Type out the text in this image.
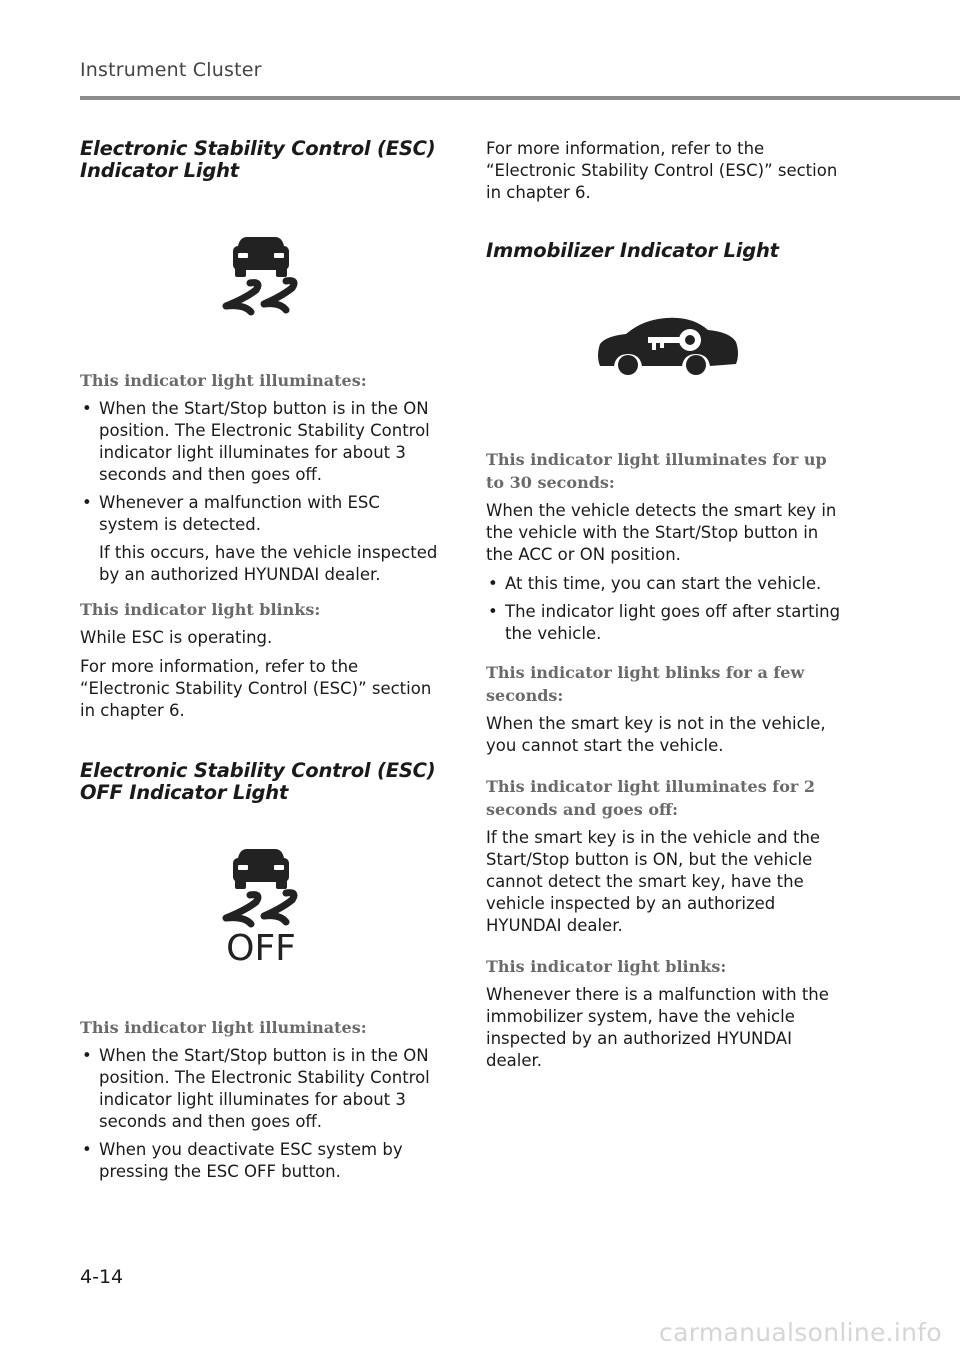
Instrument Cluster
Electronic Stability Control (ESC)
Indicator Light
This indicator light illuminates:
• When the Start/Stop button is in the ON position. The Electronic Stability Control indicator light illuminates for about 3 seconds and then goes off.
• Whenever a malfunction with ESC system is detected.
If this occurs, have the vehicle inspected by an authorized HYUNDAI dealer.
This indicator light blinks:

While ESC is operating.

For more information, refer to the “Electronic Stability Control (ESC)” section in chapter 6.

Electronic Stability Control (ESC)
OFF Indicator Light
OFF
This indicator light illuminates:
• When the Start/Stop button is in the ON position. The Electronic Stability Control indicator light illuminates for about 3 seconds and then goes off.
• When you deactivate ESC system by pressing the ESC OFF button.

For more information, refer to the “Electronic Stability Control (ESC)” section in chapter 6.

Immobilizer Indicator Light
This indicator light illuminates for up to 30 seconds:

When the vehicle detects the smart key in the vehicle with the Start/Stop button in the ACC or ON position.

• At this time, you can start the vehicle.
• The indicator light goes off after starting the vehicle.
This indicator light blinks for a few seconds:

When the smart key is not in the vehicle, you cannot start the vehicle.

This indicator light illuminates for 2 seconds and goes off:

If the smart key is in the vehicle and the Start/Stop button is ON, but the vehicle cannot detect the smart key, have the vehicle inspected by an authorized HYUNDAI dealer.

This indicator light blinks:

Whenever there is a malfunction with the immobilizer system, have the vehicle inspected by an authorized HYUNDAI dealer.

4-14
carmanualsonline.info
